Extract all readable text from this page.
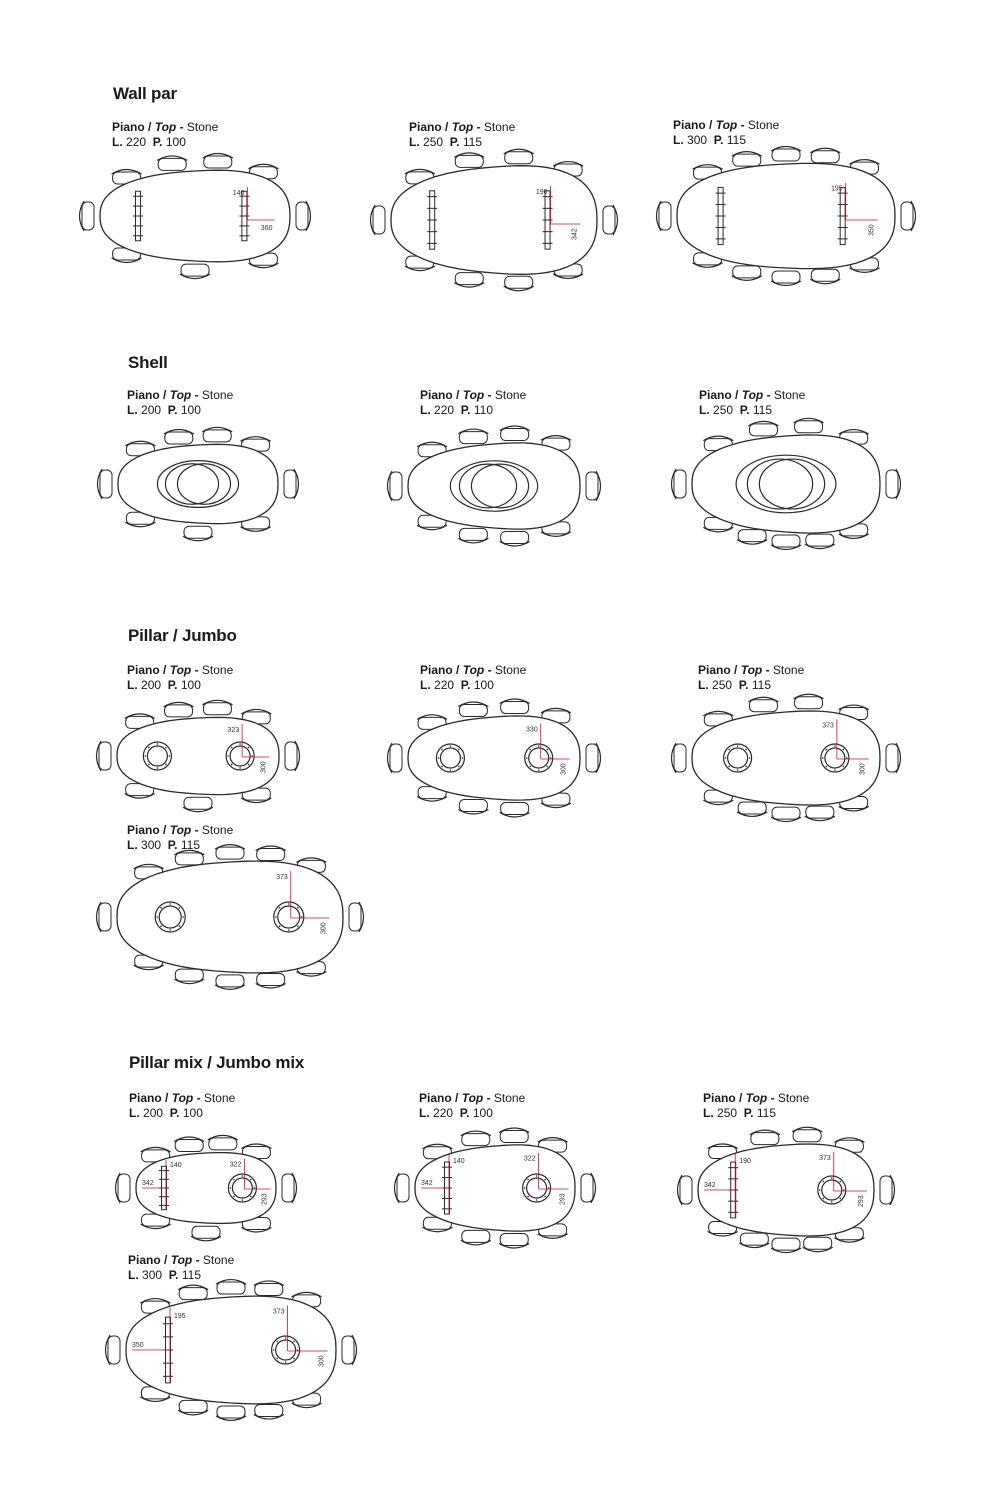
Wall par
Shell
Pillar / Jumbo
Pillar mix / Jumbo mix
Piano / Top - Stone
L. 220 P. 100
Piano / Top - Stone
L. 250 P. 115
Piano / Top - Stone
L. 300 P. 115
Piano / Top - Stone
L. 200 P. 100
Piano / Top - Stone
L. 220 P. 110
Piano / Top - Stone
L. 250 P. 115
Piano / Top - Stone
L. 200 P. 100
Piano / Top - Stone
L. 220 P. 100
Piano / Top - Stone
L. 250 P. 115
Piano / Top - Stone
L. 300 P. 115
Piano / Top - Stone
L. 200 P. 100
Piano / Top - Stone
L. 220 P. 100
Piano / Top - Stone
L. 250 P. 115
Piano / Top - Stone
L. 300 P. 115
140
360
190
342
195
350
323
300
330
300
373
300
373
300
140
342
322
293
140
342
322
293
190
342
373
293
195
350
373
300
